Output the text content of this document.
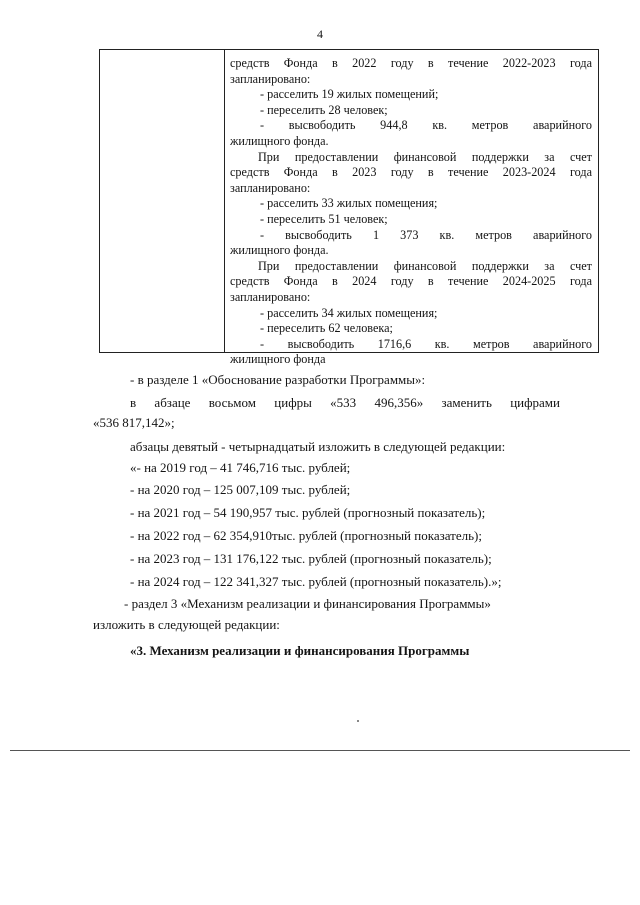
4
средств Фонда в 2022 году в течение 2022-2023 года
запланировано:
- расселить 19 жилых помещений;
- переселить 28 человек;
- высвободить 944,8 кв. метров аварийного
жилищного фонда.
При предоставлении финансовой поддержки за счет
средств Фонда в 2023 году в течение 2023-2024 года
запланировано:
- расселить 33 жилых помещения;
- переселить 51 человек;
- высвободить 1 373 кв. метров аварийного
жилищного фонда.
При предоставлении финансовой поддержки за счет
средств Фонда в 2024 году в течение 2024-2025 года
запланировано:
- расселить 34 жилых помещения;
- переселить 62 человека;
- высвободить 1716,6 кв. метров аварийного
жилищного фонда
- в разделе 1 «Обоснование разработки Программы»:
в абзаце восьмом цифры «533 496,356» заменить цифрами
«536 817,142»;
абзацы девятый - четырнадцатый изложить в следующей редакции:
«- на 2019 год – 41 746,716 тыс. рублей;
- на 2020 год – 125 007,109 тыс. рублей;
- на 2021 год – 54 190,957 тыс. рублей (прогнозный показатель);
- на 2022 год – 62 354,910тыс. рублей (прогнозный показатель);
- на 2023 год – 131 176,122 тыс. рублей (прогнозный показатель);
- на 2024 год – 122 341,327 тыс. рублей (прогнозный показатель).»;
- раздел 3 «Механизм реализации и финансирования Программы»
изложить в следующей редакции:
«3. Механизм реализации и финансирования Программы
